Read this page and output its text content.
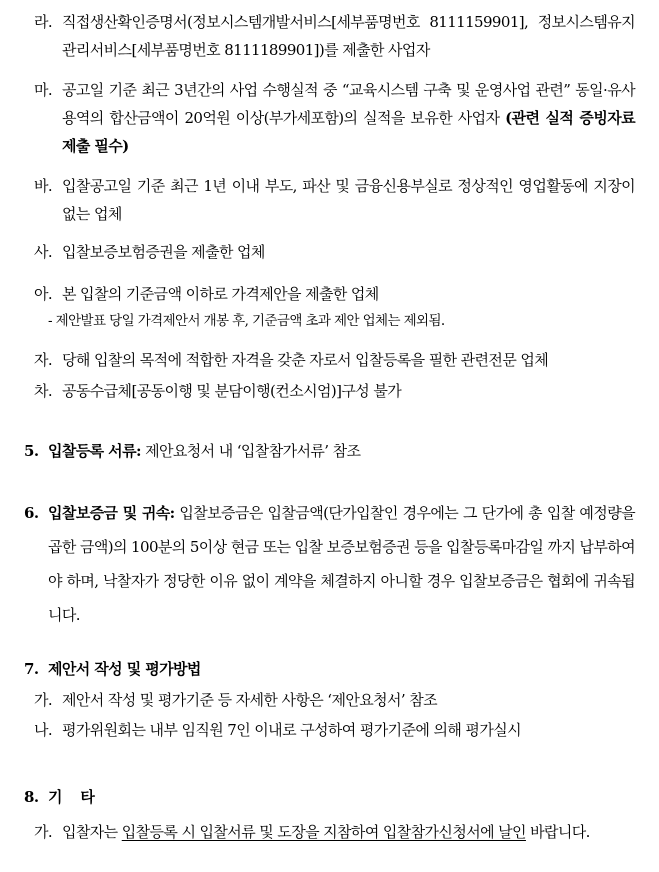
라. 직접생산확인증명서(정보시스템개발서비스[세부품명번호 8111159901], 정보시스템유지관리서비스[세부품명번호 8111189901])를 제출한 사업자
마. 공고일 기준 최근 3년간의 사업 수행실적 중 “교육시스템 구축 및 운영사업 관련” 동일·유사 용역의 합산금액이 20억원 이상(부가세포함)의 실적을 보유한 사업자 (관련 실적 증빙자료 제출 필수)
바. 입찰공고일 기준 최근 1년 이내 부도, 파산 및 금융신용부실로 정상적인 영업활동에 지장이 없는 업체
사. 입찰보증보험증권을 제출한 업체
아. 본 입찰의 기준금액 이하로 가격제안을 제출한 업체
- 제안발표 당일 가격제안서 개봉 후, 기준금액 초과 제안 업체는 제외됨.
자. 당해 입찰의 목적에 적합한 자격을 갖춘 자로서 입찰등록을 필한 관련전문 업체
차. 공동수급체[공동이행 및 분담이행(컨소시엄)]구성 불가
5. 입찰등록 서류: 제안요청서 내 ‘입찰참가서류’ 참조
6. 입찰보증금 및 귀속: 입찰보증금은 입찰금액(단가입찰인 경우에는 그 단가에 총 입찰 예정량을 곱한 금액)의 100분의 5이상 현금 또는 입찰 보증보험증권 등을 입찰등록마감일 까지 납부하여야 하며, 낙찰자가 정당한 이유 없이 계약을 체결하지 아니할 경우 입찰보증금은 협회에 귀속됩니다.
7. 제안서 작성 및 평가방법
가. 제안서 작성 및 평가기준 등 자세한 사항은 ‘제안요청서’ 참조
나. 평가위원회는 내부 임직원 7인 이내로 구성하여 평가기준에 의해 평가실시
8. 기    타
가. 입찰자는 입찰등록 시 입찰서류 및 도장을 지참하여 입찰참가신청서에 날인 바랍니다.
